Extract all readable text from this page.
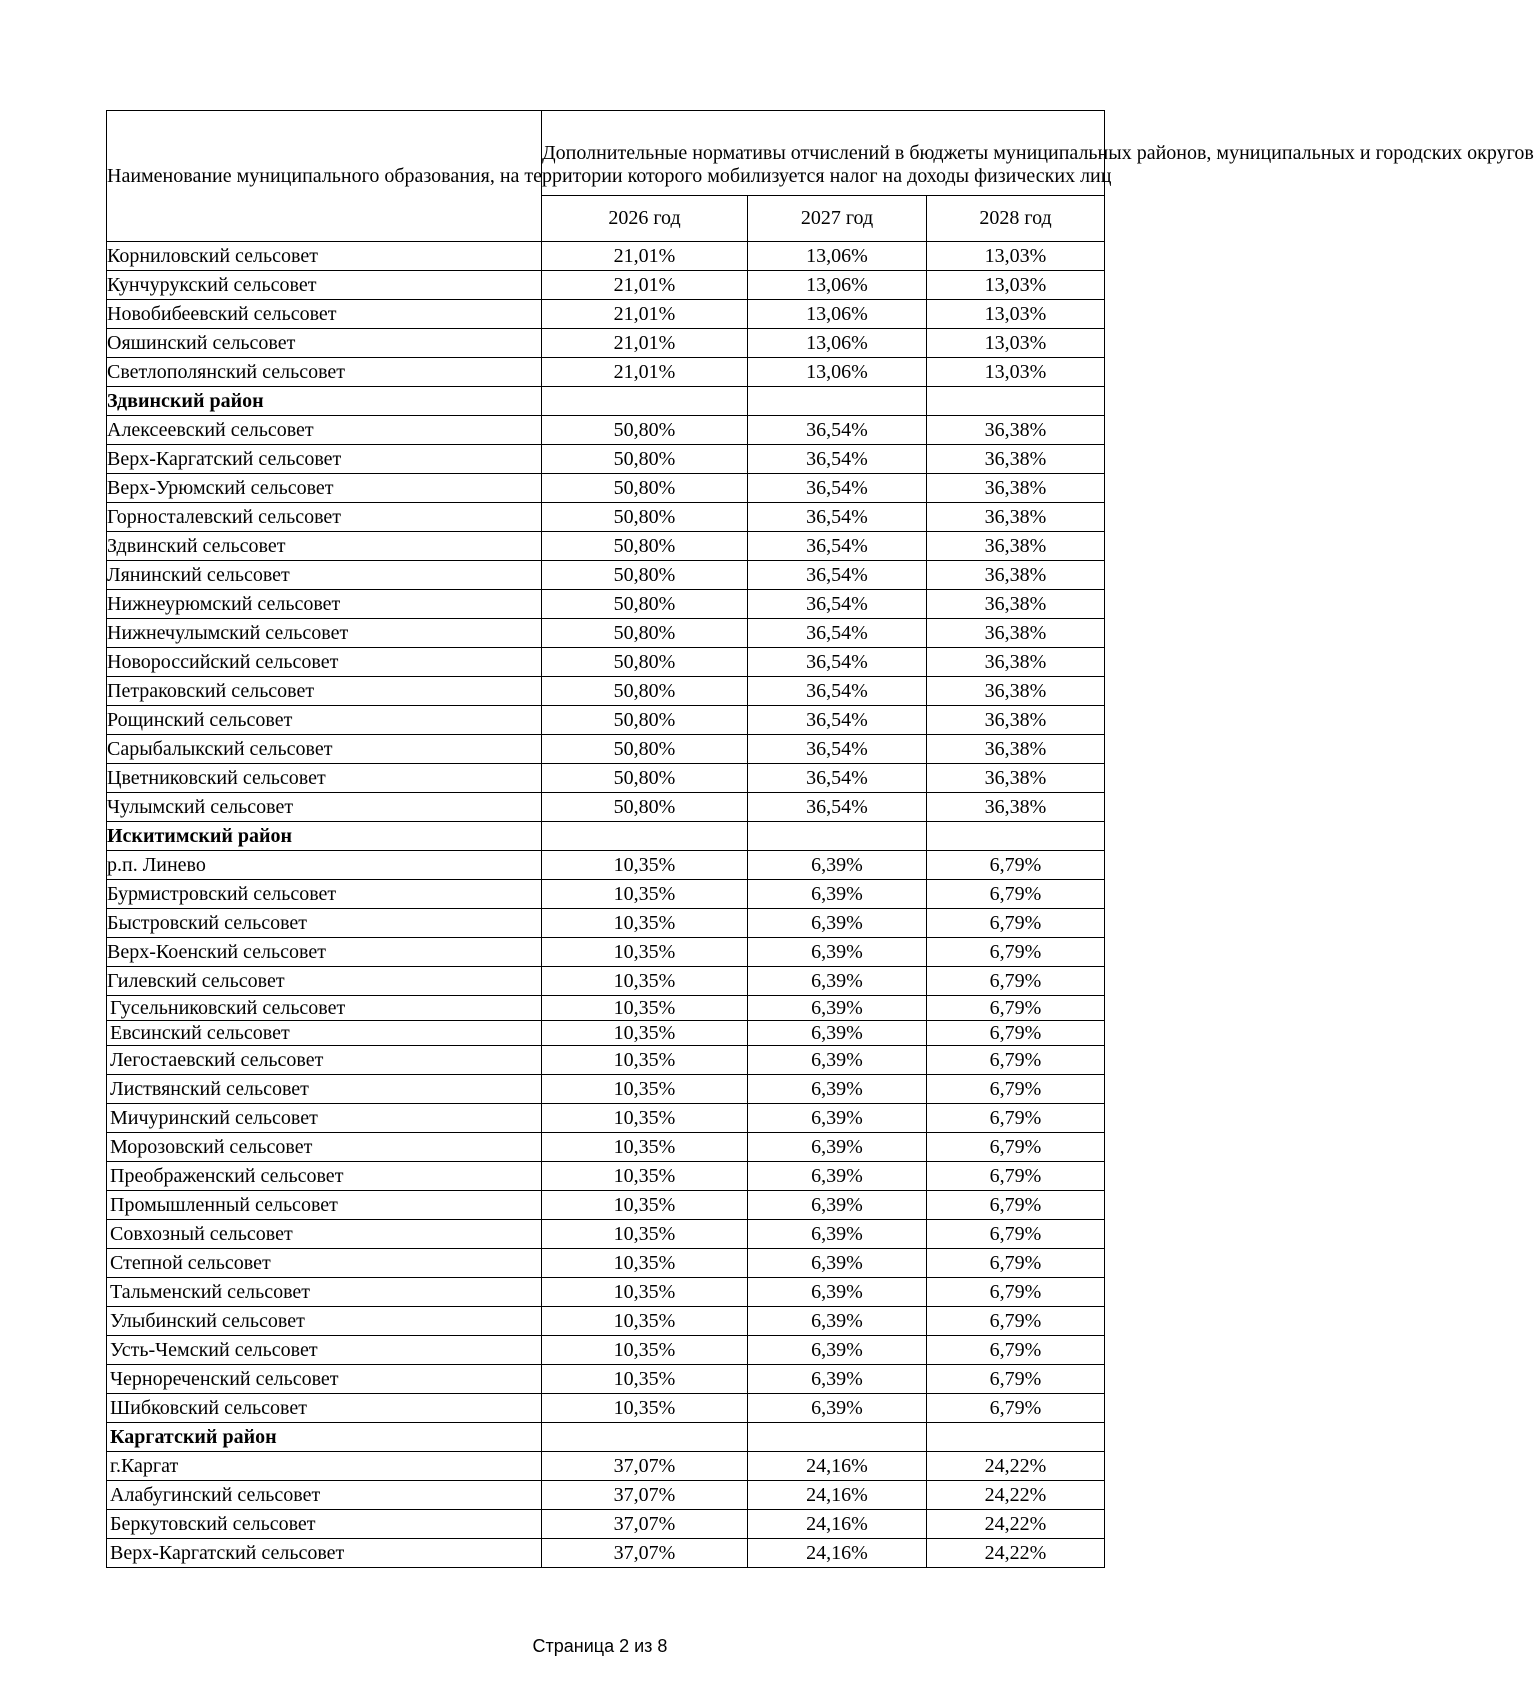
Наименование муниципального образования, на территории которого мобилизуется налог на доходы физических лиц	Дополнительные нормативы отчислений в бюджеты муниципальных районов, муниципальных и городских округов		
	2026 год	2027 год	2028 год
Корниловский сельсовет	21,01%	13,06%	13,03%
Кунчурукский сельсовет	21,01%	13,06%	13,03%
Новобибеевский сельсовет	21,01%	13,06%	13,03%
Ояшинский сельсовет	21,01%	13,06%	13,03%
Светлополянский сельсовет	21,01%	13,06%	13,03%
Здвинский район			
Алексеевский сельсовет	50,80%	36,54%	36,38%
Верх-Каргатский сельсовет	50,80%	36,54%	36,38%
Верх-Урюмский сельсовет	50,80%	36,54%	36,38%
Горносталевский сельсовет	50,80%	36,54%	36,38%
Здвинский сельсовет	50,80%	36,54%	36,38%
Лянинский сельсовет	50,80%	36,54%	36,38%
Нижнеурюмский сельсовет	50,80%	36,54%	36,38%
Нижнечулымский сельсовет	50,80%	36,54%	36,38%
Новороссийский сельсовет	50,80%	36,54%	36,38%
Петраковский сельсовет	50,80%	36,54%	36,38%
Рощинский сельсовет	50,80%	36,54%	36,38%
Сарыбалыкский сельсовет	50,80%	36,54%	36,38%
Цветниковский сельсовет	50,80%	36,54%	36,38%
Чулымский сельсовет	50,80%	36,54%	36,38%
Искитимский район			
р.п. Линево	10,35%	6,39%	6,79%
Бурмистровский сельсовет	10,35%	6,39%	6,79%
Быстровский сельсовет	10,35%	6,39%	6,79%
Верх-Коенский сельсовет	10,35%	6,39%	6,79%
Гилевский сельсовет	10,35%	6,39%	6,79%
Гусельниковский сельсовет	10,35%	6,39%	6,79%
Евсинский сельсовет	10,35%	6,39%	6,79%
Легостаевский сельсовет	10,35%	6,39%	6,79%
Листвянский сельсовет	10,35%	6,39%	6,79%
Мичуринский сельсовет	10,35%	6,39%	6,79%
Морозовский сельсовет	10,35%	6,39%	6,79%
Преображенский сельсовет	10,35%	6,39%	6,79%
Промышленный сельсовет	10,35%	6,39%	6,79%
Совхозный сельсовет	10,35%	6,39%	6,79%
Степной сельсовет	10,35%	6,39%	6,79%
Тальменский сельсовет	10,35%	6,39%	6,79%
Улыбинский сельсовет	10,35%	6,39%	6,79%
Усть-Чемский сельсовет	10,35%	6,39%	6,79%
Чернореченский сельсовет	10,35%	6,39%	6,79%
Шибковский сельсовет	10,35%	6,39%	6,79%
Каргатский район			
г.Каргат	37,07%	24,16%	24,22%
Алабугинский сельсовет	37,07%	24,16%	24,22%
Беркутовский сельсовет	37,07%	24,16%	24,22%
Верх-Каргатский сельсовет	37,07%	24,16%	24,22%
Страница 2 из 8
